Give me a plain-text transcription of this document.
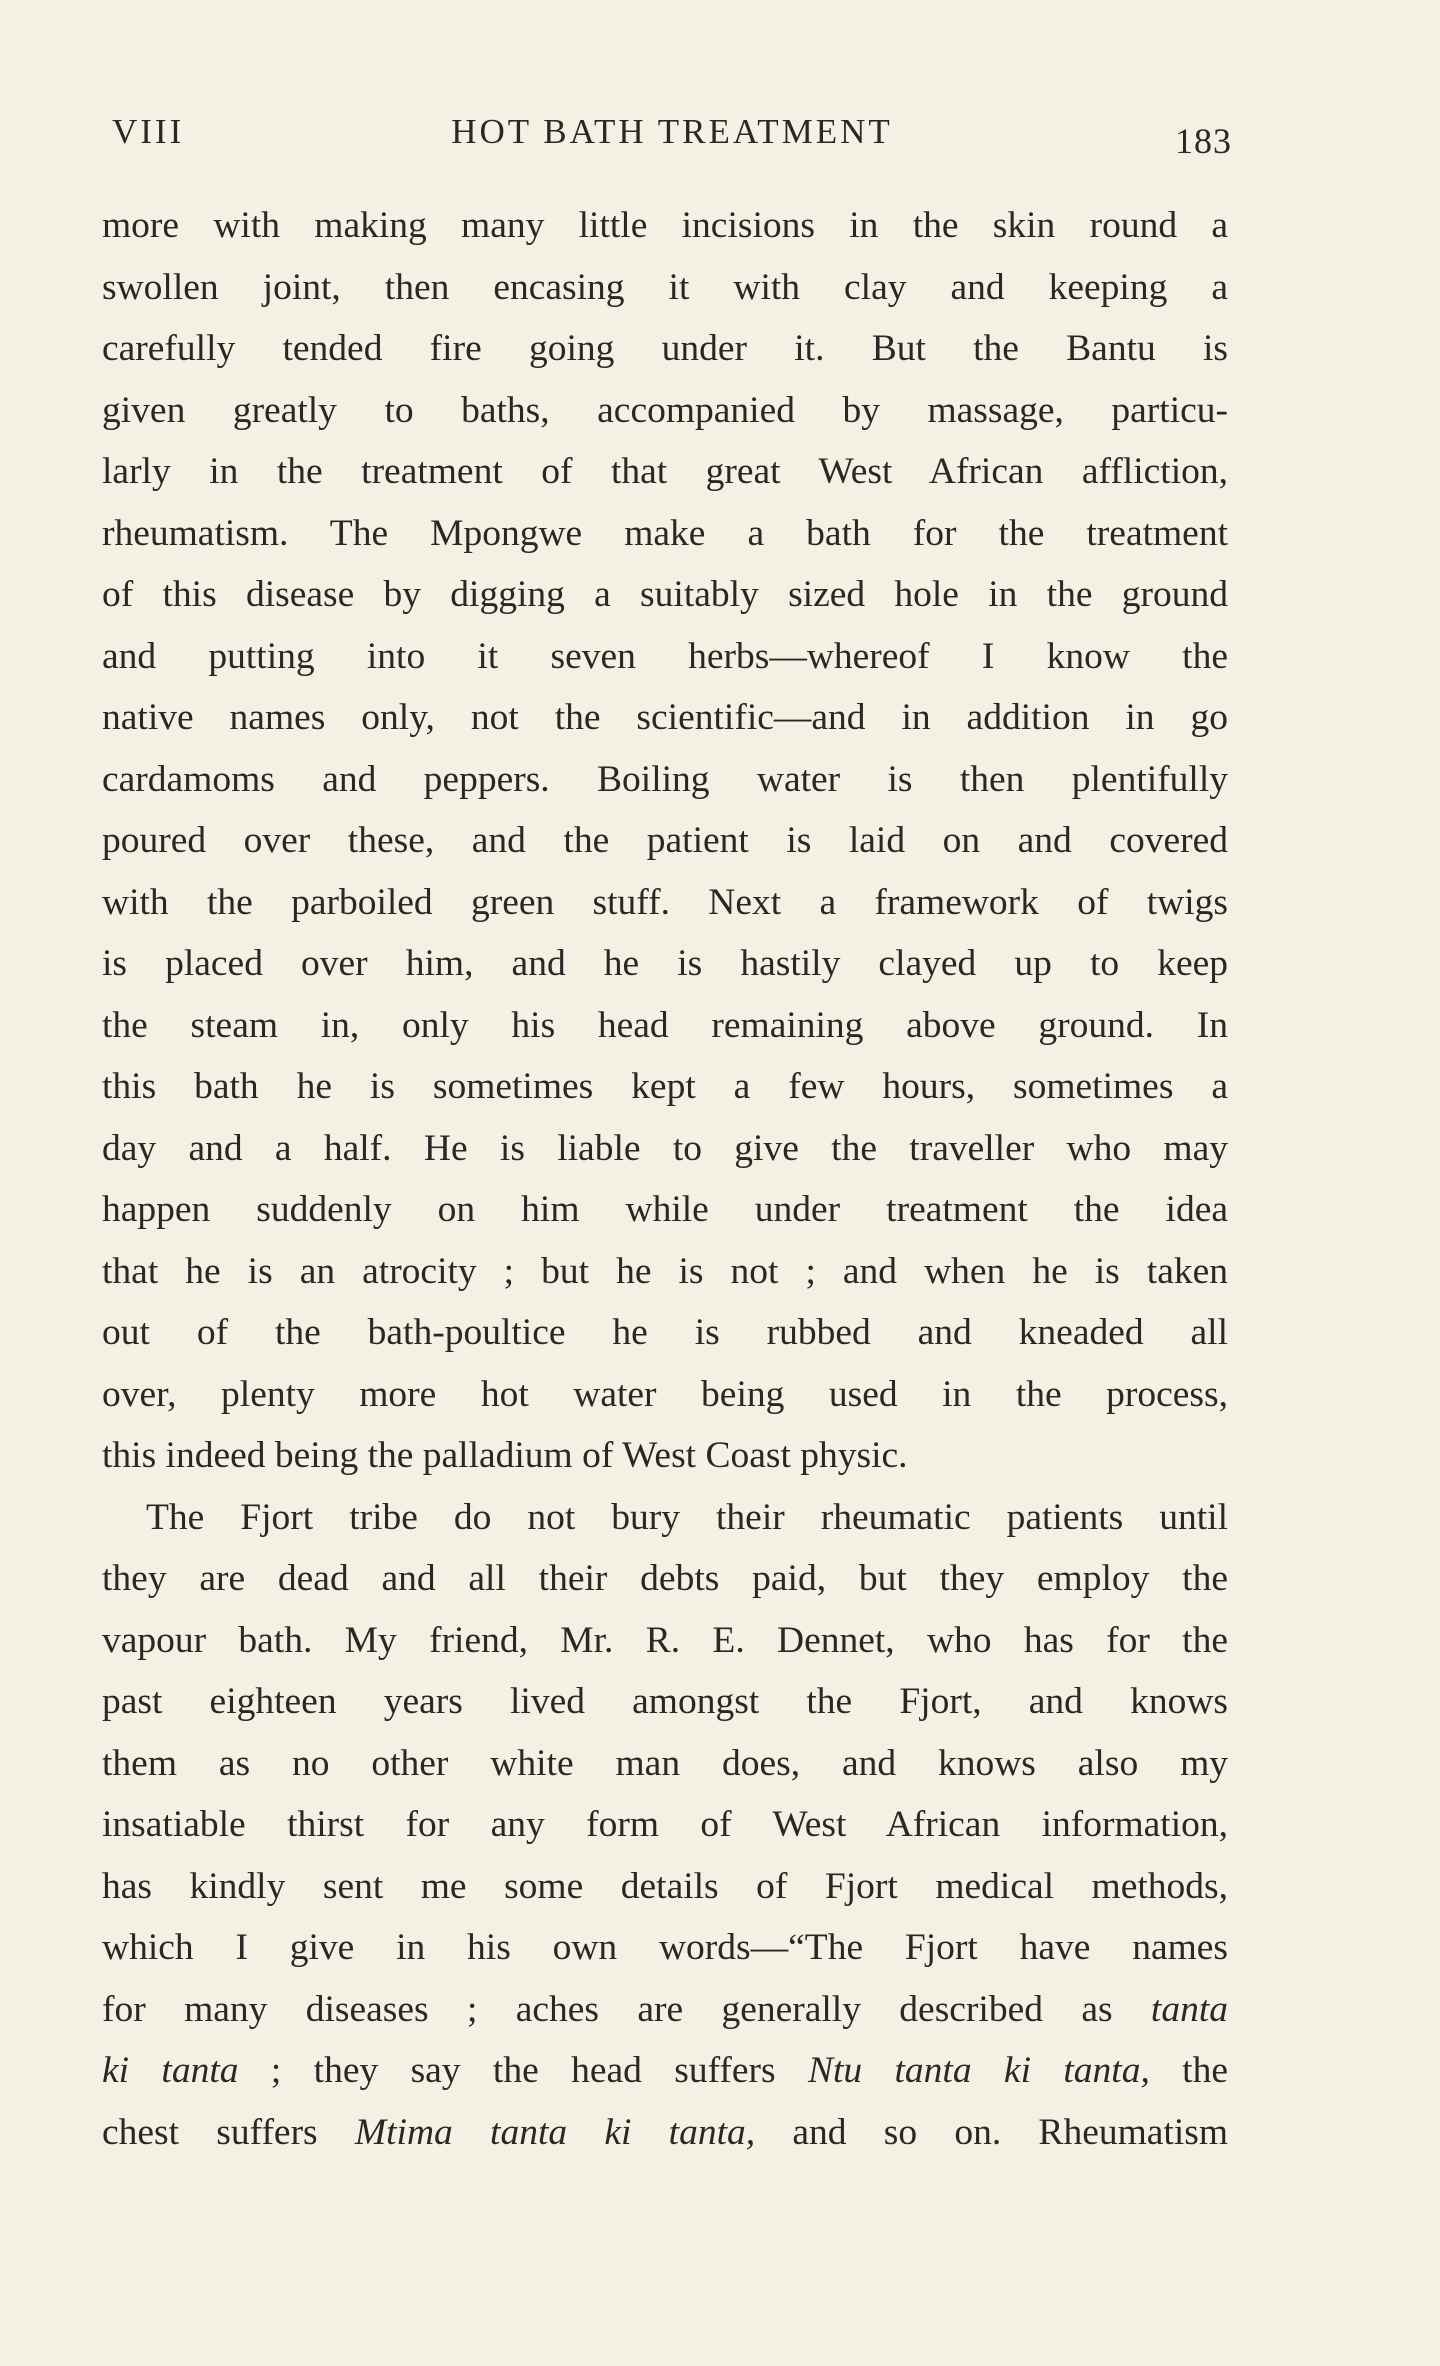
VIII	HOT BATH TREATMENT	183
more with making many little incisions in the skin round a
swollen joint, then encasing it with clay and keeping a
carefully tended fire going under it. But the Bantu is
given greatly to baths, accompanied by massage, particu-
larly in the treatment of that great West African affliction,
rheumatism. The Mpongwe make a bath for the treatment
of this disease by digging a suitably sized hole in the ground
and putting into it seven herbs—whereof I know the
native names only, not the scientific—and in addition in go
cardamoms and peppers. Boiling water is then plentifully
poured over these, and the patient is laid on and covered
with the parboiled green stuff. Next a framework of twigs
is placed over him, and he is hastily clayed up to keep
the steam in, only his head remaining above ground. In
this bath he is sometimes kept a few hours, sometimes a
day and a half. He is liable to give the traveller who may
happen suddenly on him while under treatment the idea
that he is an atrocity ; but he is not ; and when he is taken
out of the bath-poultice he is rubbed and kneaded all
over, plenty more hot water being used in the process,
this indeed being the palladium of West Coast physic.
The Fjort tribe do not bury their rheumatic patients until
they are dead and all their debts paid, but they employ the
vapour bath. My friend, Mr. R. E. Dennet, who has for the
past eighteen years lived amongst the Fjort, and knows
them as no other white man does, and knows also my
insatiable thirst for any form of West African information,
has kindly sent me some details of Fjort medical methods,
which I give in his own words—“The Fjort have names
for many diseases ; aches are generally described as tanta
ki tanta ; they say the head suffers Ntu tanta ki tanta, the
chest suffers Mtima tanta ki tanta, and so on. Rheumatism
